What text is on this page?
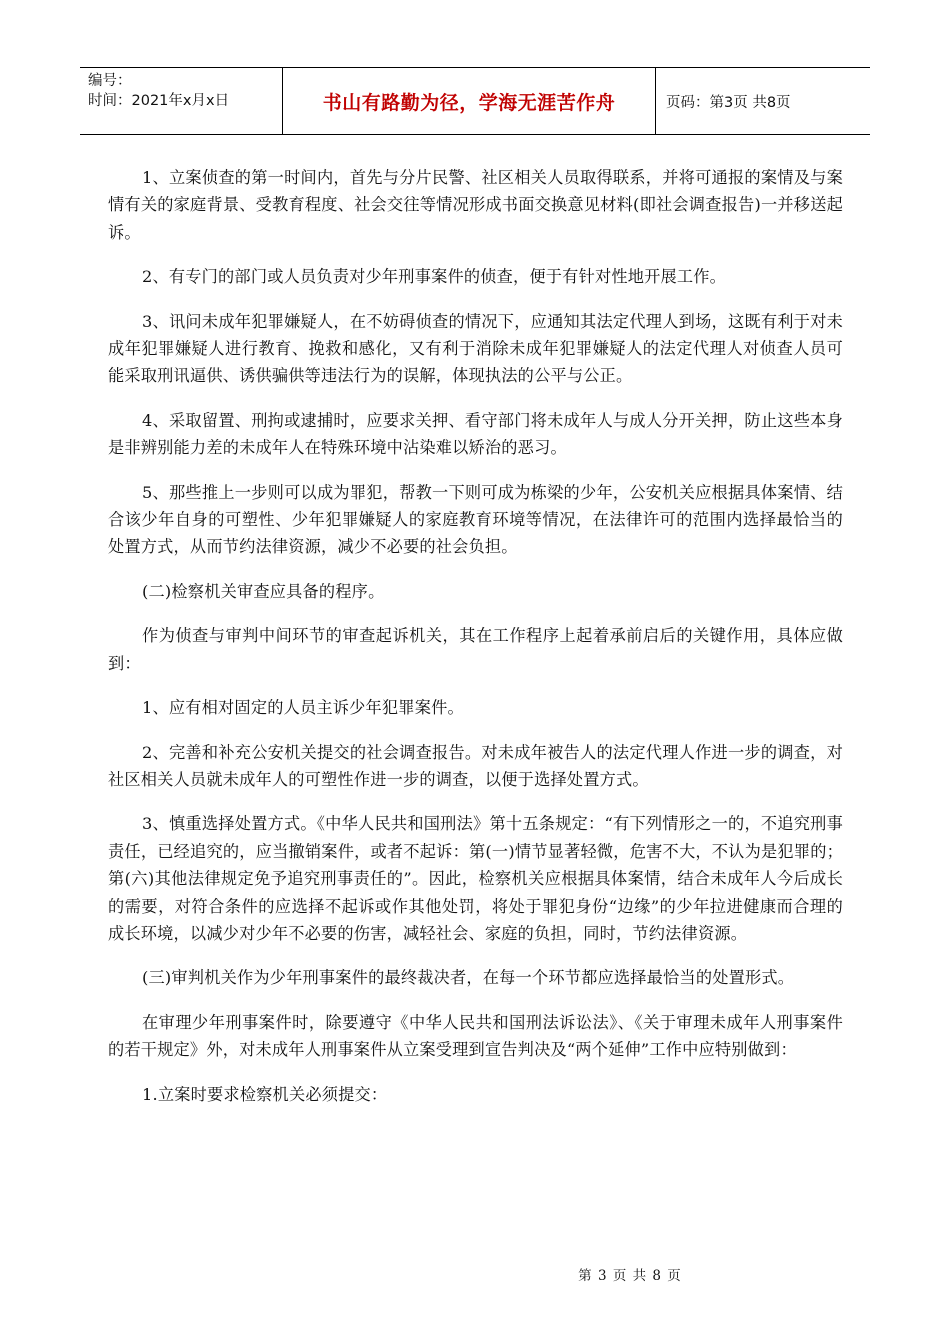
编号：
时间：2021年x月x日	书山有路勤为径，学海无涯苦作舟	页码：第3页 共8页

1、立案侦查的第一时间内，首先与分片民警、社区相关人员取得联系，并将可通报的案情及与案情有关的家庭背景、受教育程度、社会交往等情况形成书面交换意见材料(即社会调查报告)一并移送起诉。

2、有专门的部门或人员负责对少年刑事案件的侦查，便于有针对性地开展工作。

3、讯问未成年犯罪嫌疑人，在不妨碍侦查的情况下，应通知其法定代理人到场，这既有利于对未成年犯罪嫌疑人进行教育、挽救和感化，又有利于消除未成年犯罪嫌疑人的法定代理人对侦查人员可能采取刑讯逼供、诱供骗供等违法行为的误解，体现执法的公平与公正。

4、采取留置、刑拘或逮捕时，应要求关押、看守部门将未成年人与成人分开关押，防止这些本身是非辨别能力差的未成年人在特殊环境中沾染难以矫治的恶习。

5、那些推上一步则可以成为罪犯，帮教一下则可成为栋梁的少年，公安机关应根据具体案情、结合该少年自身的可塑性、少年犯罪嫌疑人的家庭教育环境等情况，在法律许可的范围内选择最恰当的处置方式，从而节约法律资源，减少不必要的社会负担。

(二)检察机关审查应具备的程序。

作为侦查与审判中间环节的审查起诉机关，其在工作程序上起着承前启后的关键作用，具体应做到：

1、应有相对固定的人员主诉少年犯罪案件。

2、完善和补充公安机关提交的社会调查报告。对未成年被告人的法定代理人作进一步的调查，对社区相关人员就未成年人的可塑性作进一步的调查，以便于选择处置方式。

3、慎重选择处置方式。《中华人民共和国刑法》第十五条规定：“有下列情形之一的，不追究刑事责任，已经追究的，应当撤销案件，或者不起诉：第(一)情节显著轻微，危害不大，不认为是犯罪的；第(六)其他法律规定免予追究刑事责任的”。因此，检察机关应根据具体案情，结合未成年人今后成长的需要，对符合条件的应选择不起诉或作其他处罚，将处于罪犯身份“边缘”的少年拉进健康而合理的成长环境，以减少对少年不必要的伤害，减轻社会、家庭的负担，同时，节约法律资源。

(三)审判机关作为少年刑事案件的最终裁决者，在每一个环节都应选择最恰当的处置形式。

在审理少年刑事案件时，除要遵守《中华人民共和国刑法诉讼法》、《关于审理未成年人刑事案件的若干规定》外，对未成年人刑事案件从立案受理到宣告判决及“两个延伸”工作中应特别做到：

1.立案时要求检察机关必须提交：

第 3 页 共 8 页
